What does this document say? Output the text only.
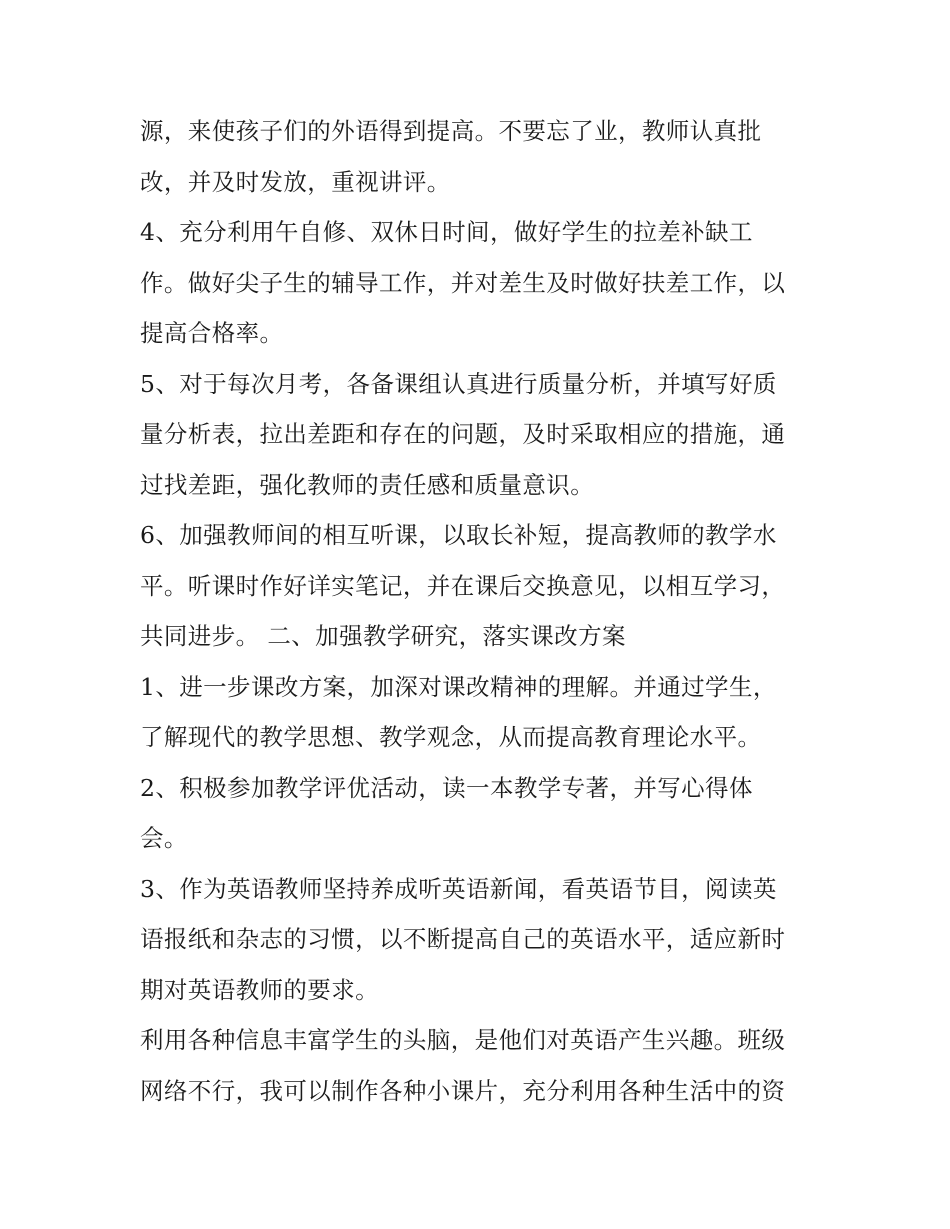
源，来使孩子们的外语得到提高。不要忘了业，教师认真批
改，并及时发放，重视讲评。
4、充分利用午自修、双休日时间，做好学生的拉差补缺工
作。做好尖子生的辅导工作，并对差生及时做好扶差工作，以
提高合格率。
5、对于每次月考，各备课组认真进行质量分析，并填写好质
量分析表，拉出差距和存在的问题，及时采取相应的措施，通
过找差距，强化教师的责任感和质量意识。
6、加强教师间的相互听课，以取长补短，提高教师的教学水
平。听课时作好详实笔记，并在课后交换意见，以相互学习，
共同进步。 二、加强教学研究，落实课改方案
1、进一步课改方案，加深对课改精神的理解。并通过学生，
了解现代的教学思想、教学观念，从而提高教育理论水平。
2、积极参加教学评优活动，读一本教学专著，并写心得体
会。
3、作为英语教师坚持养成听英语新闻，看英语节目，阅读英
语报纸和杂志的习惯，以不断提高自己的英语水平，适应新时
期对英语教师的要求。
利用各种信息丰富学生的头脑，是他们对英语产生兴趣。班级
网络不行，我可以制作各种小课片，充分利用各种生活中的资
